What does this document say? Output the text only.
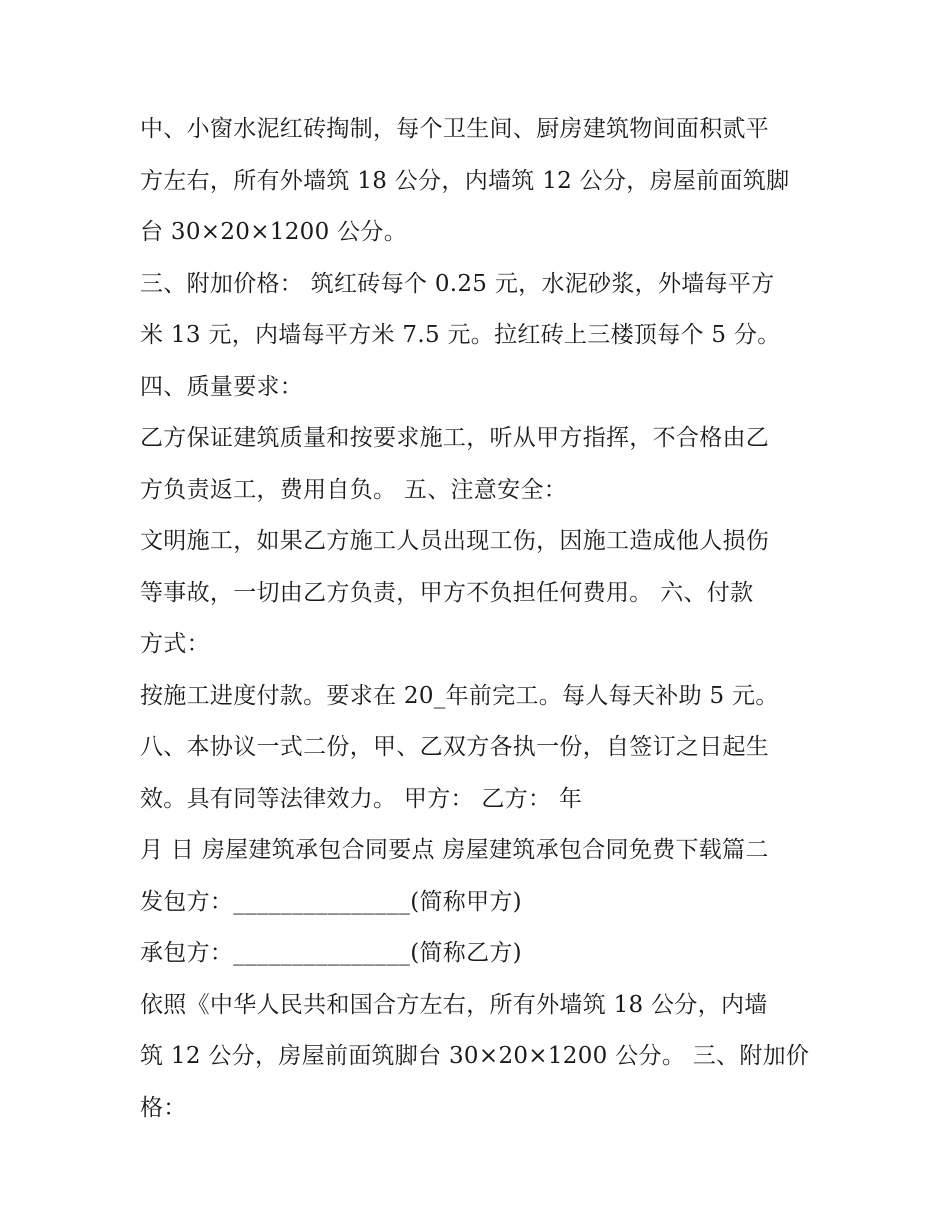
中、小窗水泥红砖掏制，每个卫生间、厨房建筑物间面积贰平
方左右，所有外墙筑 18 公分，内墙筑 12 公分，房屋前面筑脚
台 30×20×1200 公分。
三、附加价格： 筑红砖每个 0.25 元，水泥砂浆，外墙每平方
米 13 元，内墙每平方米 7.5 元。拉红砖上三楼顶每个 5 分。
四、质量要求：
乙方保证建筑质量和按要求施工，听从甲方指挥，不合格由乙
方负责返工，费用自负。 五、注意安全：
文明施工，如果乙方施工人员出现工伤，因施工造成他人损伤
等事故，一切由乙方负责，甲方不负担任何费用。 六、付款
方式：
按施工进度付款。要求在 20_年前完工。每人每天补助 5 元。
八、本协议一式二份，甲、乙双方各执一份，自签订之日起生
效。具有同等法律效力。 甲方： 乙方： 年
月 日 房屋建筑承包合同要点 房屋建筑承包合同免费下载篇二
发包方：_______________(简称甲方)
承包方：_______________(简称乙方)
依照《中华人民共和国合方左右，所有外墙筑 18 公分，内墙
筑 12 公分，房屋前面筑脚台 30×20×1200 公分。 三、附加价
格：
